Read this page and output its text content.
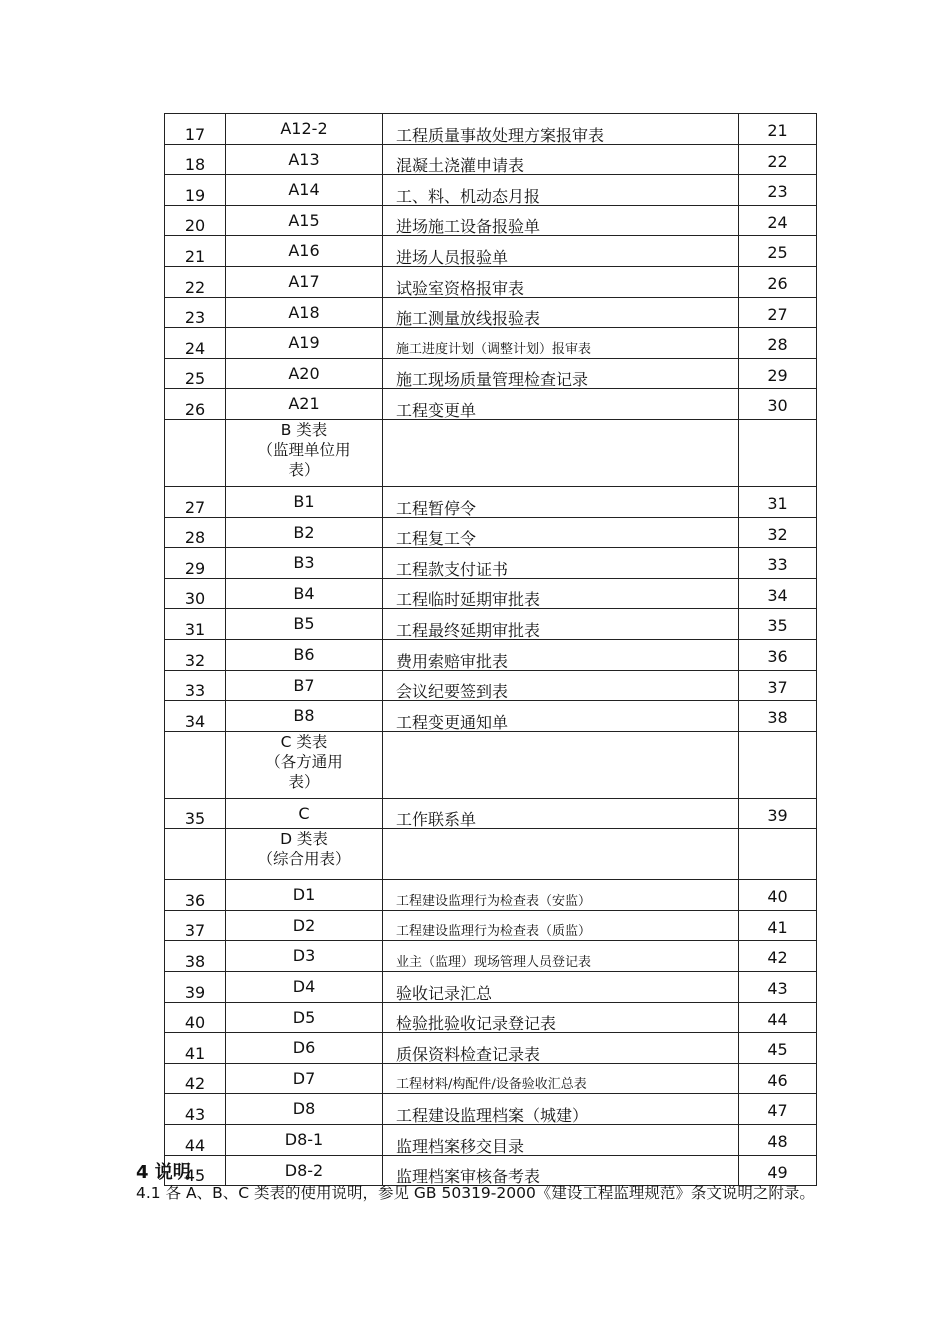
17	A12-2	工程质量事故处理方案报审表	21
18	A13	混凝土浇灌申请表	22
19	A14	工、料、机动态月报	23
20	A15	进场施工设备报验单	24
21	A16	进场人员报验单	25
22	A17	试验室资格报审表	26
23	A18	施工测量放线报验表	27
24	A19	施工进度计划（调整计划）报审表	28
25	A20	施工现场质量管理检查记录	29
26	A21	工程变更单	30
	B 类表
（监理单位用
表）		
27	B1	工程暂停令	31
28	B2	工程复工令	32
29	B3	工程款支付证书	33
30	B4	工程临时延期审批表	34
31	B5	工程最终延期审批表	35
32	B6	费用索赔审批表	36
33	B7	会议纪要签到表	37
34	B8	工程变更通知单	38
	C 类表
（各方通用
表）		
35	C	工作联系单	39
	D 类表
（综合用表）		
36	D1	工程建设监理行为检查表（安监）	40
37	D2	工程建设监理行为检查表（质监）	41
38	D3	业主（监理）现场管理人员登记表	42
39	D4	验收记录汇总	43
40	D5	检验批验收记录登记表	44
41	D6	质保资料检查记录表	45
42	D7	工程材料/构配件/设备验收汇总表	46
43	D8	工程建设监理档案（城建）	47
44	D8-1	监理档案移交目录	48
45	D8-2	监理档案审核备考表	49
4 说明
4.1 各 A、B、C 类表的使用说明，参见 GB 50319-2000《建设工程监理规范》条文说明之附录。
